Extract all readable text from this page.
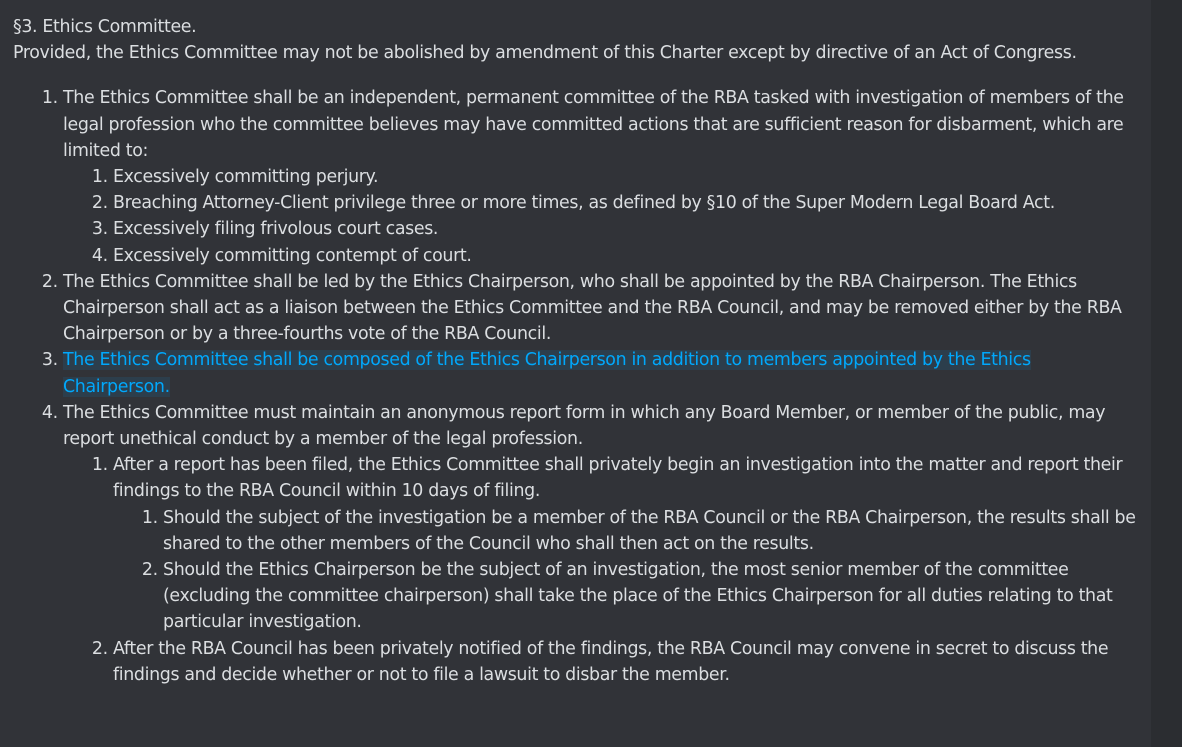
§3. Ethics Committee.

Provided, the Ethics Committee may not be abolished by amendment of this Charter except by directive of an Act of Congress.

1. The Ethics Committee shall be an independent, permanent committee of the RBA tasked with investigation of members of the legal profession who the committee believes may have committed actions that are sufficient reason for disbarment, which are limited to:
1. Excessively committing perjury.
2. Breaching Attorney-Client privilege three or more times, as defined by §10 of the Super Modern Legal Board Act.
3. Excessively filing frivolous court cases.
4. Excessively committing contempt of court.
2. The Ethics Committee shall be led by the Ethics Chairperson, who shall be appointed by the RBA Chairperson. The Ethics Chairperson shall act as a liaison between the Ethics Committee and the RBA Council, and may be removed either by the RBA Chairperson or by a three-fourths vote of the RBA Council.
3. The Ethics Committee shall be composed of the Ethics Chairperson in addition to members appointed by the Ethics Chairperson.
4. The Ethics Committee must maintain an anonymous report form in which any Board Member, or member of the public, may report unethical conduct by a member of the legal profession.
1. After a report has been filed, the Ethics Committee shall privately begin an investigation into the matter and report their findings to the RBA Council within 10 days of filing.
1. Should the subject of the investigation be a member of the RBA Council or the RBA Chairperson, the results shall be shared to the other members of the Council who shall then act on the results.
2. Should the Ethics Chairperson be the subject of an investigation, the most senior member of the committee (excluding the committee chairperson) shall take the place of the Ethics Chairperson for all duties relating to that particular investigation.
2. After the RBA Council has been privately notified of the findings, the RBA Council may convene in secret to discuss the findings and decide whether or not to file a lawsuit to disbar the member.
